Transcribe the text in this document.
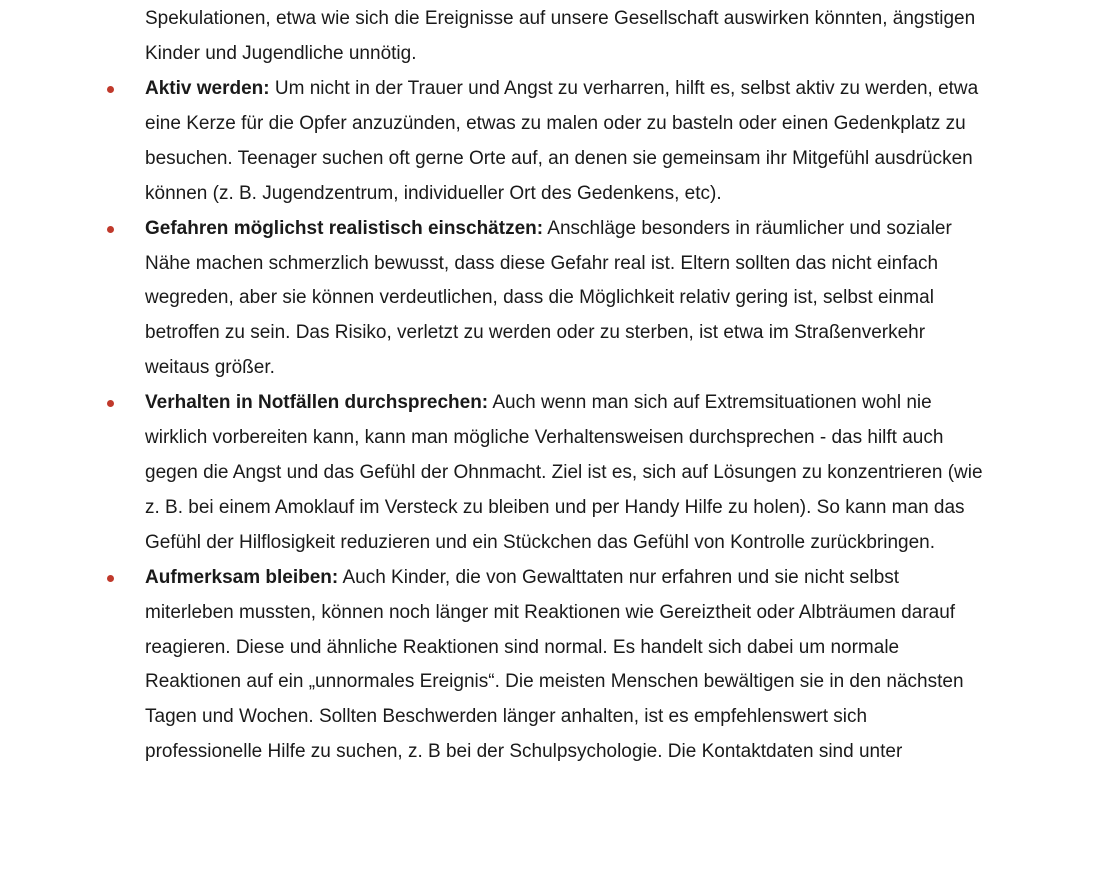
Spekulationen, etwa wie sich die Ereignisse auf unsere Gesellschaft auswirken könnten, ängstigen Kinder und Jugendliche unnötig.
Aktiv werden: Um nicht in der Trauer und Angst zu verharren, hilft es, selbst aktiv zu werden, etwa eine Kerze für die Opfer anzuzünden, etwas zu malen oder zu basteln oder einen Gedenkplatz zu besuchen. Teenager suchen oft gerne Orte auf, an denen sie gemeinsam ihr Mitgefühl ausdrücken können (z. B. Jugendzentrum, individueller Ort des Gedenkens, etc).
Gefahren möglichst realistisch einschätzen: Anschläge besonders in räumlicher und sozialer Nähe machen schmerzlich bewusst, dass diese Gefahr real ist. Eltern sollten das nicht einfach wegreden, aber sie können verdeutlichen, dass die Möglichkeit relativ gering ist, selbst einmal betroffen zu sein. Das Risiko, verletzt zu werden oder zu sterben, ist etwa im Straßenverkehr weitaus größer.
Verhalten in Notfällen durchsprechen: Auch wenn man sich auf Extremsituationen wohl nie wirklich vorbereiten kann, kann man mögliche Verhaltensweisen durchsprechen - das hilft auch gegen die Angst und das Gefühl der Ohnmacht. Ziel ist es, sich auf Lösungen zu konzentrieren (wie z. B. bei einem Amoklauf im Versteck zu bleiben und per Handy Hilfe zu holen). So kann man das Gefühl der Hilflosigkeit reduzieren und ein Stückchen das Gefühl von Kontrolle zurückbringen.
Aufmerksam bleiben: Auch Kinder, die von Gewalttaten nur erfahren und sie nicht selbst miterleben mussten, können noch länger mit Reaktionen wie Gereiztheit oder Albträumen darauf reagieren. Diese und ähnliche Reaktionen sind normal. Es handelt sich dabei um normale Reaktionen auf ein „unnormales Ereignis“. Die meisten Menschen bewältigen sie in den nächsten Tagen und Wochen. Sollten Beschwerden länger anhalten, ist es empfehlenswert sich professionelle Hilfe zu suchen, z. B bei der Schulpsychologie. Die Kontaktdaten sind unter
